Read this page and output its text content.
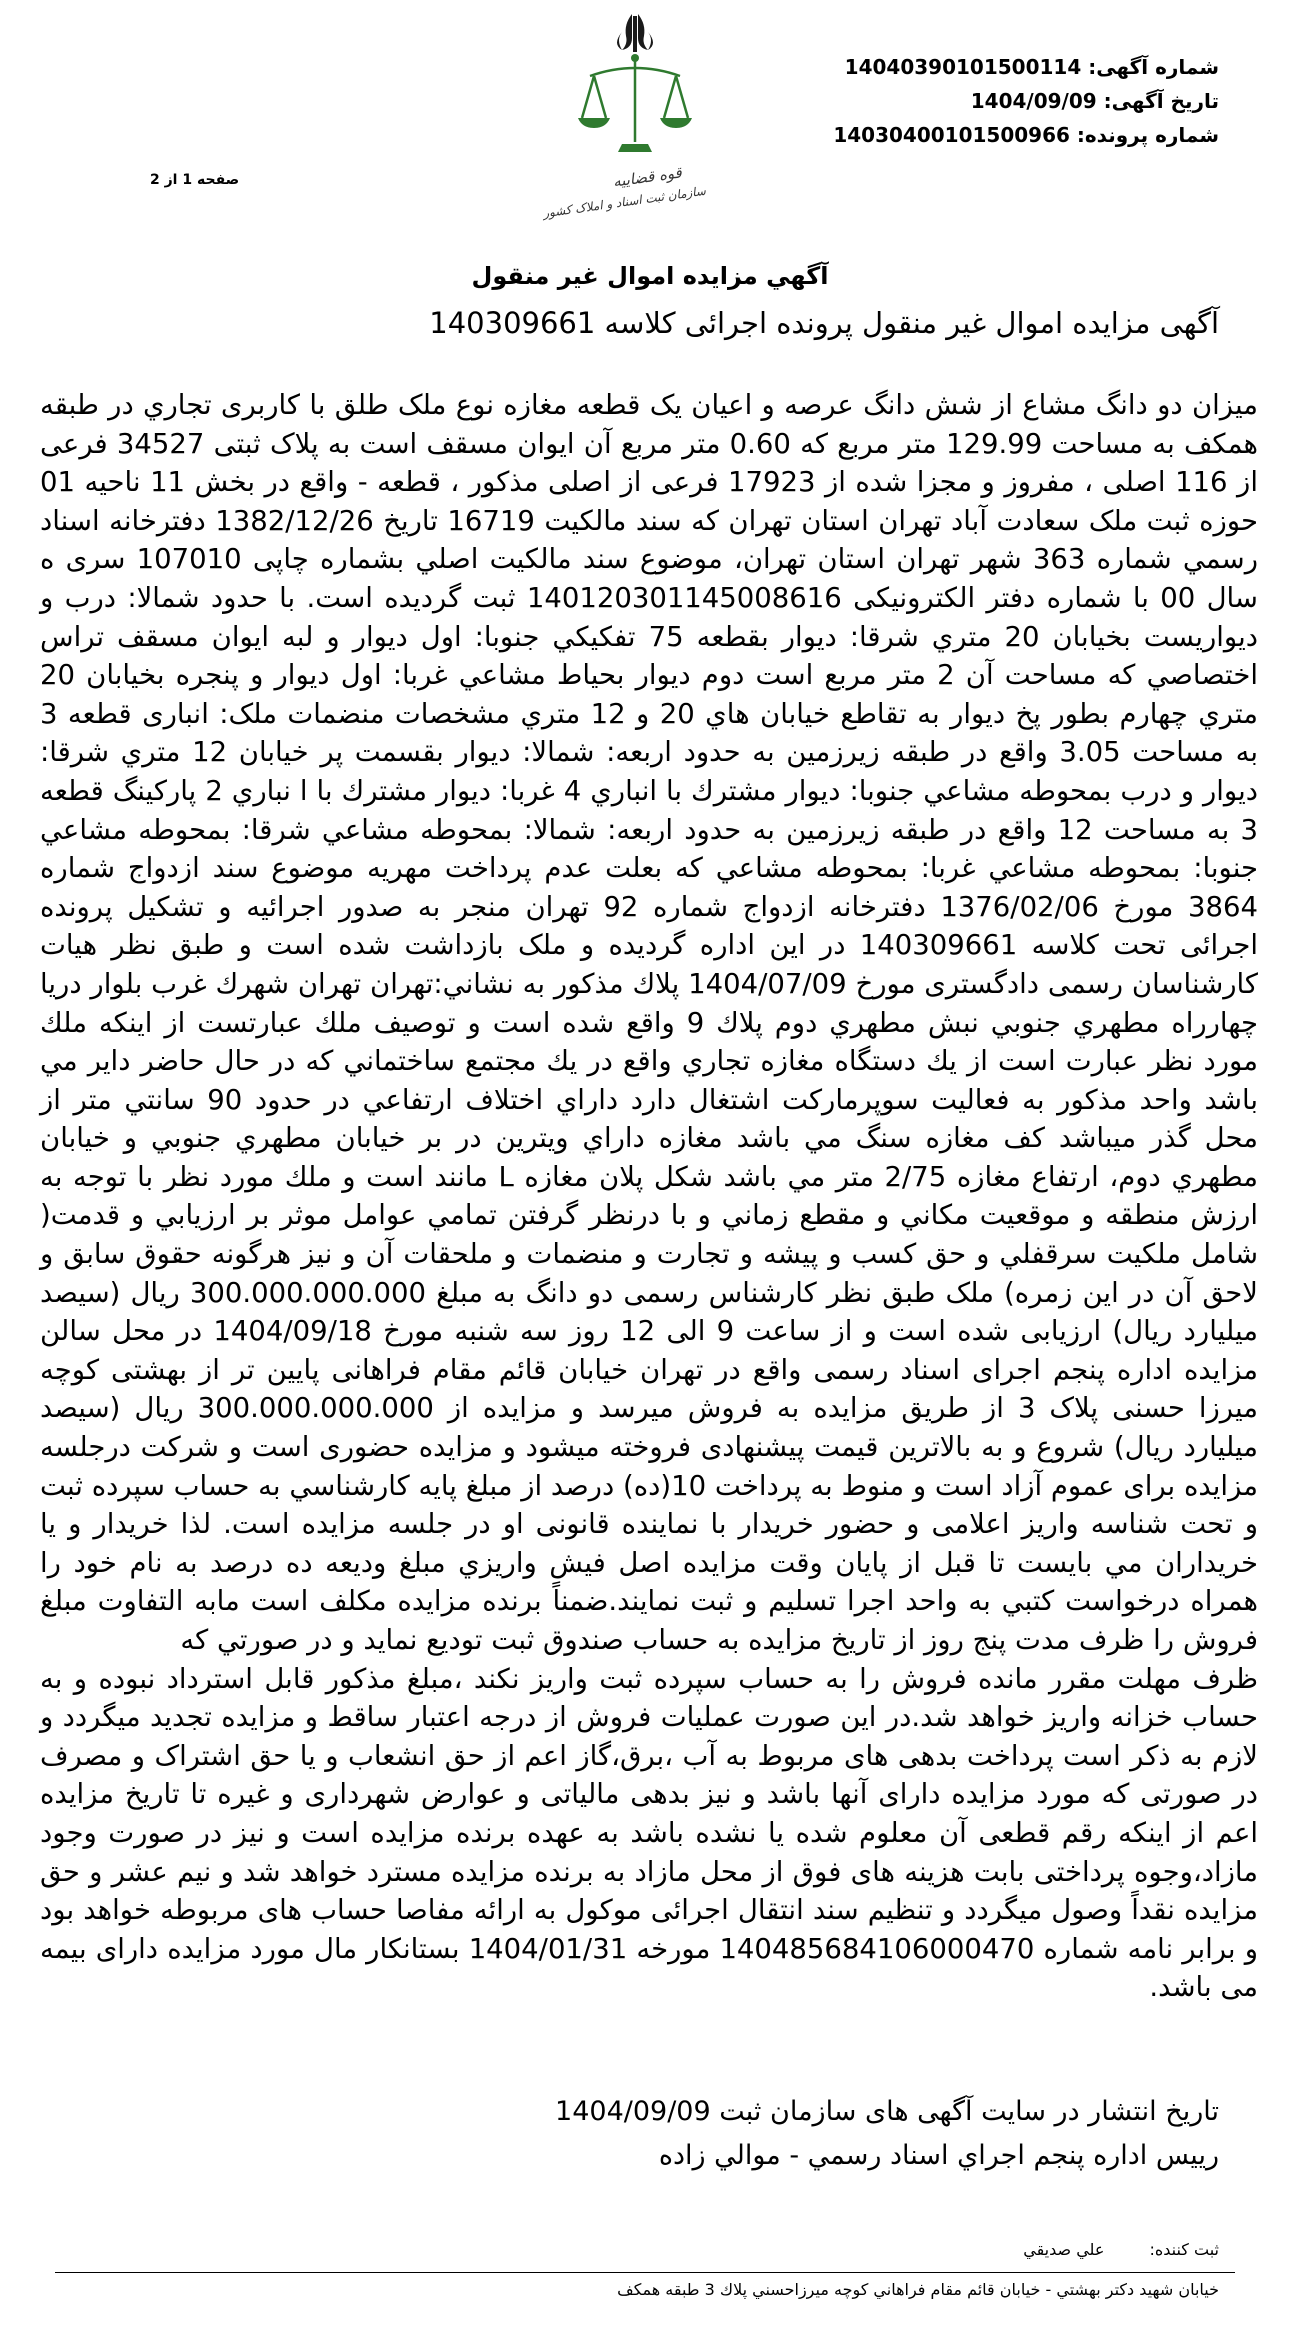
شماره آگهی: 14040390101500114
تاریخ آگهی: 1404/09/09
شماره پرونده: 14030400101500966
قوه قضاییه
سازمان ثبت اسناد و املاک کشور
صفحه 1 از 2
آگهي مزايده اموال غير منقول
آگهی مزایده اموال غیر منقول پرونده اجرائی کلاسه 140309661

میزان دو دانگ مشاع از شش دانگ عرصه و اعیان یک قطعه مغازه نوع ملک طلق با کاربری تجاري در طبقه همکف به مساحت 129.99 متر مربع که 0.60 متر مربع آن ایوان مسقف است به پلاک ثبتی 34527 فرعی از 116 اصلی ، مفروز و مجزا شده از 17923 فرعی از اصلی مذکور ، قطعه - واقع در بخش 11 ناحیه 01 حوزه ثبت ملک سعادت آباد تهران استان تهران که سند مالکیت 16719 تاریخ 1382/12/26 دفترخانه اسناد رسمي شماره 363 شهر تهران استان تهران، موضوع سند مالکیت اصلي بشماره چاپی 107010 سری ه سال 00 با شماره دفتر الکترونیکی 140120301145008616 ثبت گردیده است. با حدود شمالا: درب و دیواریست بخیابان 20 متري شرقا: دیوار بقطعه 75 تفکیکي جنوبا: اول دیوار و لبه ایوان مسقف تراس اختصاصي كه مساحت آن 2 متر مربع است دوم دیوار بحیاط مشاعي غربا: اول دیوار و پنجره بخیابان 20 متري چهارم بطور پخ دیوار به تقاطع خیابان هاي 20 و 12 متري مشخصات منضمات ملک: انباری قطعه 3 به مساحت 3.05 واقع در طبقه زیرزمین به حدود اربعه: شمالا: دیوار بقسمت پر خیابان 12 متري شرقا: دیوار و درب بمحوطه مشاعي جنوبا: دیوار مشترك با انباري 4 غربا: دیوار مشترك با ا نباري 2 پارکینگ قطعه 3 به مساحت 12 واقع در طبقه زیرزمین به حدود اربعه: شمالا: بمحوطه مشاعي شرقا: بمحوطه مشاعي جنوبا: بمحوطه مشاعي غربا: بمحوطه مشاعي که بعلت عدم پرداخت مهریه موضوع سند ازدواج شماره 3864 مورخ 1376/02/06 دفترخانه ازدواج شماره 92 تهران منجر به صدور اجرائیه و تشکیل پرونده اجرائی تحت کلاسه 140309661 در این اداره گردیده و ملک بازداشت شده است و طبق نظر هیات کارشناسان رسمی دادگستری مورخ 1404/07/09 پلاك مذكور به نشاني:تهران تهران شهرك غرب بلوار دريا چهارراه مطهري جنوبي نبش مطهري دوم پلاك 9 واقع شده است و توصيف ملك عبارتست از اينكه ملك مورد نظر عبارت است از يك دستگاه مغازه تجاري واقع در يك مجتمع ساختماني كه در حال حاضر داير مي باشد واحد مذكور به فعاليت سوپرماركت اشتغال دارد داراي اختلاف ارتفاعي در حدود 90 سانتي متر از محل گذر ميباشد كف مغازه سنگ مي باشد مغازه داراي ويترين در بر خيابان مطهري جنوبي و خيابان مطهري دوم، ارتفاع مغازه 2/75 متر مي باشد شكل پلان مغازه L مانند است و ملك مورد نظر با توجه به ارزش منطقه و موقعيت مكاني و مقطع زماني و با درنظر گرفتن تمامي عوامل موثر بر ارزيابي و قدمت( شامل ملكيت سرقفلي و حق كسب و پيشه و تجارت و منضمات و ملحقات آن و نيز هرگونه حقوق سابق و لاحق آن در اين زمره) ملک طبق نظر کارشناس رسمی دو دانگ به مبلغ 300.000.000.000 ریال (سیصد میلیارد ریال) ارزیابی شده است و از ساعت 9 الی 12 روز سه شنبه مورخ 1404/09/18 در محل سالن مزايده اداره پنجم اجرای اسناد رسمی واقع در تهران خیابان قائم مقام فراهانی پایین تر از بهشتی کوچه میرزا حسنی پلاک 3 از طریق مزایده به فروش میرسد و مزایده از 300.000.000.000 ریال (سیصد میلیارد ریال) شروع و به بالاترین قیمت پیشنهادی فروخته میشود و مزایده حضوری است و شرکت درجلسه مزایده برای عموم آزاد است و منوط به پرداخت 10(ده) درصد از مبلغ پايه كارشناسي به حساب سپرده ثبت و تحت شناسه واریز اعلامی و حضور خریدار با نماینده قانونی او در جلسه مزایده است. لذا خريدار و يا خريداران مي بايست تا قبل از پايان وقت مزايده اصل فيش واريزي مبلغ وديعه ده درصد به نام خود را همراه درخواست كتبي به واحد اجرا تسليم و ثبت نمايند.ضمناً برنده مزايده مكلف است مابه التفاوت مبلغ فروش را ظرف مدت پنج روز از تاريخ مزايده به حساب صندوق ثبت توديع نمايد و در صورتي كه

ظرف مهلت مقرر مانده فروش را به حساب سپرده ثبت واریز نکند ،مبلغ مذكور قابل استرداد نبوده و به حساب خزانه واريز خواهد شد.در این صورت عملیات فروش از درجه اعتبار ساقط و مزایده تجدید میگردد و لازم به ذکر است پرداخت بدهی های مربوط به آب ،برق،گاز اعم از حق انشعاب و یا حق اشتراک و مصرف در صورتی که مورد مزایده دارای آنها باشد و نیز بدهی مالیاتی و عوارض شهرداری و غیره تا تاریخ مزایده اعم از اینکه رقم قطعی آن معلوم شده یا نشده باشد به عهده برنده مزایده است و نیز در صورت وجود مازاد،وجوه پرداختی بابت هزینه های فوق از محل مازاد به برنده مزایده مسترد خواهد شد و نیم عشر و حق مزایده نقداً وصول میگردد و تنظیم سند انتقال اجرائی موکول به ارائه مفاصا حساب های مربوطه خواهد بود و برابر نامه شماره 140485684106000470 مورخه 1404/01/31 بستانکار مال مورد مزایده دارای بیمه می باشد.

تاريخ انتشار در سایت آگهی های سازمان ثبت 1404/09/09
رييس اداره پنجم اجراي اسناد رسمي - موالي زاده
ثبت کننده: علي صديقي
خيابان شهيد دكتر بهشتي - خيابان قائم مقام فراهاني كوچه ميرزاحسني پلاك 3 طبقه همكف
